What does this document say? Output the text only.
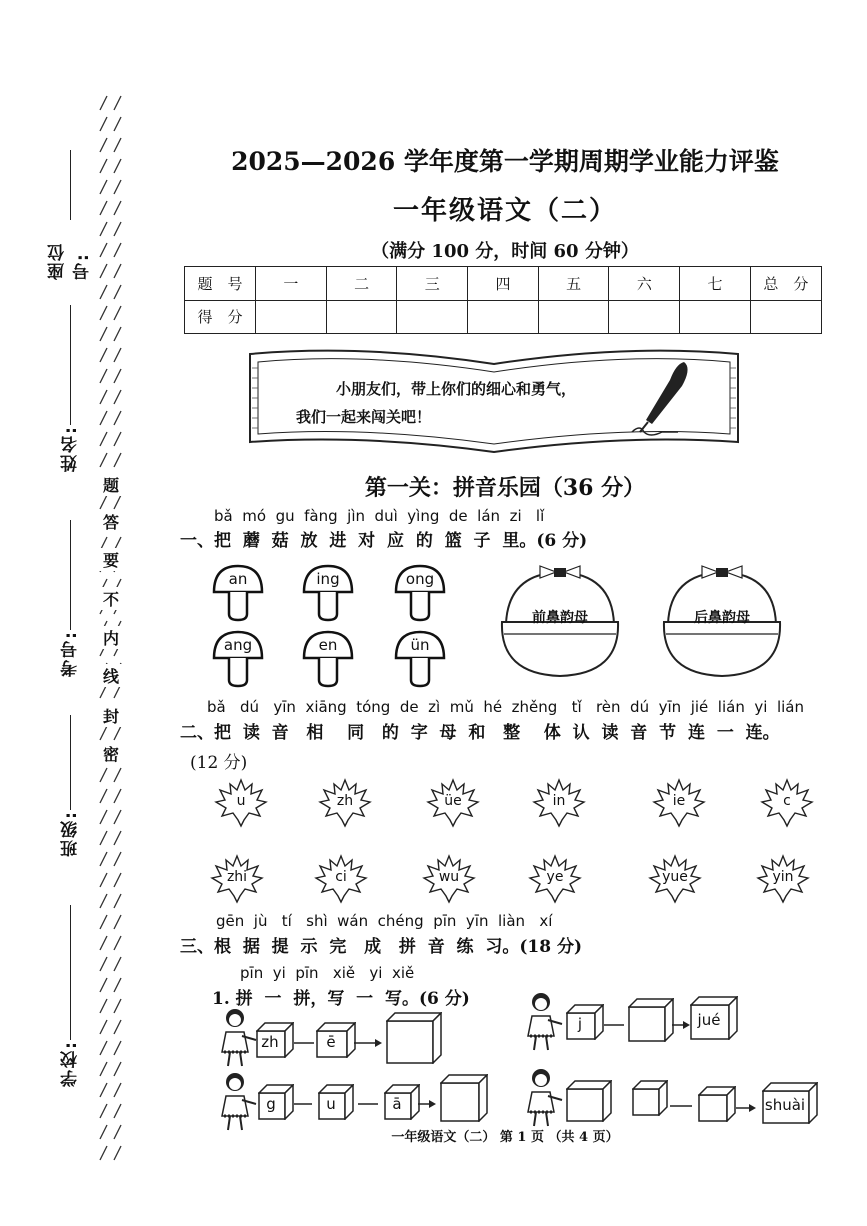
座位号:
姓名:
考号:
班级:
学校:
题
答
要
不
内
线
封
密
2025—2026 学年度第一学期周期学业能力评鉴
一年级语文（二）
（满分 100 分，时间 60 分钟）
题　号	一	二	三	四	五	六	七	总　分
得　分								
小朋友们，带上你们的细心和勇气，
我们一起来闯关吧！
第一关：拼音乐园（36 分）
bǎ  mó  gu  fàng  jìn  duì  yìng  de  lán  zi   lǐ
一、把  蘑  菇  放  进  对  应  的  篮  子  里。(6 分)
an	ing	ong
ang	en	ün
前鼻韵母	后鼻韵母
bǎ   dú   yīn  xiāng  tóng  de  zì  mǔ  hé  zhěng   tǐ   rèn  dú  yīn  jié  lián  yi  lián
二、把  读  音   相    同   的  字  母  和   整    体  认  读  音  节  连  一  连。
(12 分)
u	zh	üe	in	ie	c
zhi	ci	wu	ye	yue	yin
gēn  jù   tí   shì  wán  chéng  pīn  yīn  liàn   xí
三、根  据  提  示  完   成   拼  音  练  习。(18 分)
pīn  yi  pīn   xiě   yi  xiě
1. 拼  一  拼，写  一  写。(6 分)
zh	ē
j	jué
g	u	ā	shuài
一年级语文（二） 第 1 页 （共 4 页）
